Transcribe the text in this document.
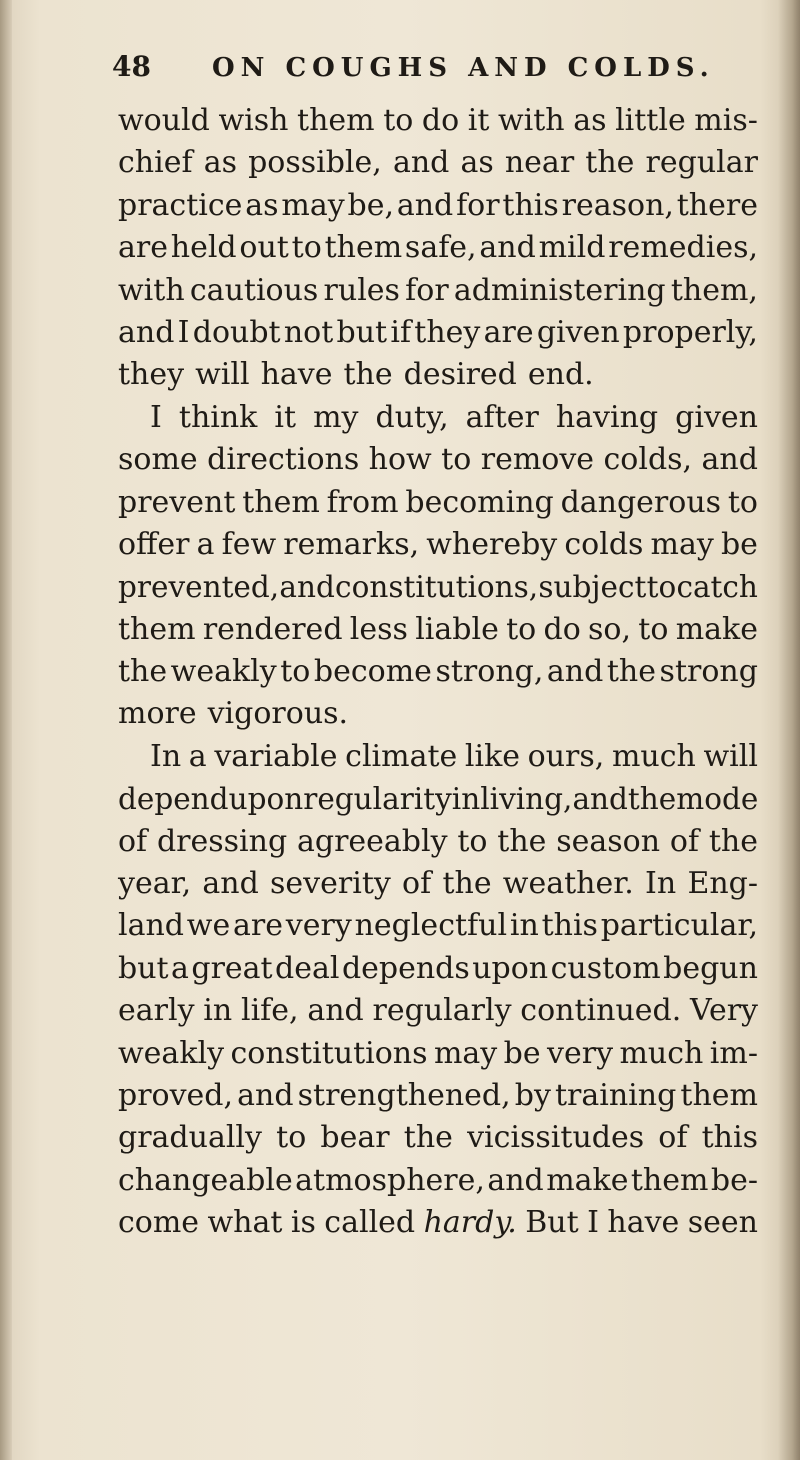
48	ON COUGHS AND COLDS.
would wish them to do it with as little mis-
chief as possible, and as near the regular
practice as may be, and for this reason, there
are held out to them safe, and mild remedies,
with cautious rules for administering them,
and I doubt not but if they are given properly,
they will have the desired end.
I think it my duty, after having given
some directions how to remove colds, and
prevent them from becoming dangerous to
offer a few remarks, whereby colds may be
prevented, and constitutions, subject to catch
them rendered less liable to do so, to make
the weakly to become strong, and the strong
more vigorous.
In a variable climate like ours, much will
depend upon regularity in living, and the mode
of dressing agreeably to the season of the
year, and severity of the weather. In Eng-
land we are very neglectful in this particular,
but a great deal depends upon custom begun
early in life, and regularly continued. Very
weakly constitutions may be very much im-
proved, and strengthened, by training them
gradually to bear the vicissitudes of this
changeable atmosphere, and make them be-
come what is called hardy. But I have seen
